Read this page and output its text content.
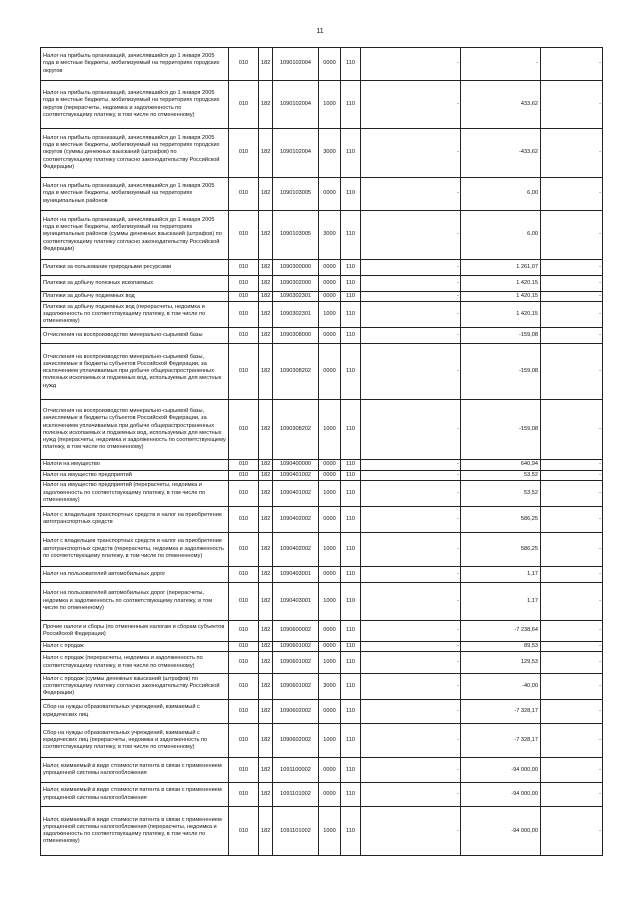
11
Налог на прибыль организаций, зачислявшийся до 1 января 2005 года в местные бюджеты, мобилизуемый на территориях городских округов	010	182	1090102004	0000	110	-	-	-
Налог на прибыль организаций, зачислявшийся до 1 января 2005 года в местные бюджеты, мобилизуемый на территориях городских округов (перерасчеты, недоимка и задолженность по соответствующему платежу, в том числе по отмененному)	010	182	1090102004	1000	110	-	433,62	-
Налог на прибыль организаций, зачислявшийся до 1 января 2005 года в местные бюджеты, мобилизуемый на территориях городских округов (суммы денежных взысканий (штрафов) по соответствующему платежу согласно законодательству Российской Федерации)	010	182	1090102004	3000	110	-	-433,62	-
Налог на прибыль организаций, зачислявшийся до 1 января 2005 года в местные бюджеты, мобилизуемый на территориях муниципальных районов	010	182	1090103005	0000	110	-	6,00	-
Налог на прибыль организаций, зачислявшийся до 1 января 2005 года в местные бюджеты, мобилизуемый на территориях муниципальных районов (суммы денежных взысканий (штрафов) по соответствующему платежу согласно законодательству Российской Федерации)	010	182	1090103005	3000	110	-	6,00	-
Платежи за пользование природными ресурсами	010	182	1090300000	0000	110	-	1 261,07	-
Платежи за добычу полезных ископаемых	010	182	1090302000	0000	110	-	1 420,15	-
Платежи за добычу подземных вод	010	182	1090302301	0000	110	-	1 420,15	-
Платежи за добычу подземных вод (перерасчеты, недоимка и задолженность по соответствующему платежу, в том числе по отмененному)	010	182	1090302301	1000	110	-	1 420,15	-
Отчисления на воспроизводство минерально-сырьевой базы	010	182	1090308000	0000	110	-	-159,08	-
Отчисления на воспроизводство минерально-сырьевой базы, зачисляемые в бюджеты субъектов Российской Федерации, за исключением уплачиваемых при добыче общераспространенных полезных ископаемых и подземных вод, используемых для местных нужд	010	182	1090308202	0000	110	-	-159,08	-
Отчисления на воспроизводство минерально-сырьевой базы, зачисляемые в бюджеты субъектов Российской Федерации, за исключением уплачиваемых при добыче общераспространенных полезных ископаемых и подземных вод, используемых для местных нужд (перерасчеты, недоимка и задолженность по соответствующему платежу, в том числе по отмененному)	010	182	1090308202	1000	110	-	-159,08	-
Налоги на имущество	010	182	1090400000	0000	110	-	640,94	-
Налог на имущество предприятий	010	182	1090401002	0000	110	-	53,52	-
Налог на имущество предприятий (перерасчеты, недоимка и задолженность по соответствующему платежу, в том числе по отмененному)	010	182	1090401002	1000	110	-	53,52	-
Налог с владельцев транспортных средств и налог на приобретение автотранспортных средств	010	182	1090402002	0000	110	-	586,25	-
Налог с владельцев транспортных средств и налог на приобретение автотранспортных средств (перерасчеты, недоимка и задолженность по соответствующему платежу, в том числе по отмененному)	010	182	1090402002	1000	110	-	586,25	-
Налог на пользователей автомобильных дорог	010	182	1090403001	0000	110	-	1,17	-
Налог на пользователей автомобильных дорог (перерасчеты, недоимка и задолженность по соответствующему платежу, в том числе по отмененному)	010	182	1090403001	1000	110	-	1,17	-
Прочие налоги и сборы (по отмененным налогам и сборам субъектов Российской Федерации)	010	182	1090600002	0000	110	-	-7 238,64	-
Налог с продаж	010	182	1090601002	0000	110	-	89,53	-
Налог с продаж (перерасчеты, недоимка и задолженность по соответствующему платежу, в том числе по отмененному)	010	182	1090601002	1000	110	-	129,53	-
Налог с продаж (суммы денежных взысканий (штрафов) по соответствующему платежу согласно законодательству Российской Федерации)	010	182	1090601002	3000	110	-	-40,00	-
Сбор на нужды образовательных учреждений, взимаемый с юридических лиц	010	182	1090602002	0000	110	-	-7 328,17	-
Сбор на нужды образовательных учреждений, взимаемый с юридических лиц (перерасчеты, недоимка и задолженность по соответствующему платежу, в том числе по отмененному)	010	182	1090602002	1000	110	-	-7 328,17	-
Налог, взимаемый в виде стоимости патента в связи с применением упрощенной системы налогообложения	010	182	1091100002	0000	110	-	-94 000,00	-
Налог, взимаемый в виде стоимости патента в связи с применением упрощенной системы налогообложения	010	182	1091101002	0000	110	-	-94 000,00	-
Налог, взимаемый в виде стоимости патента в связи с применением упрощенной системы налогообложения (перерасчеты, недоимка и задолженность по соответствующему платежу, в том числе по отмененному)	010	182	1091101002	1000	110	-	-94 000,00	-
